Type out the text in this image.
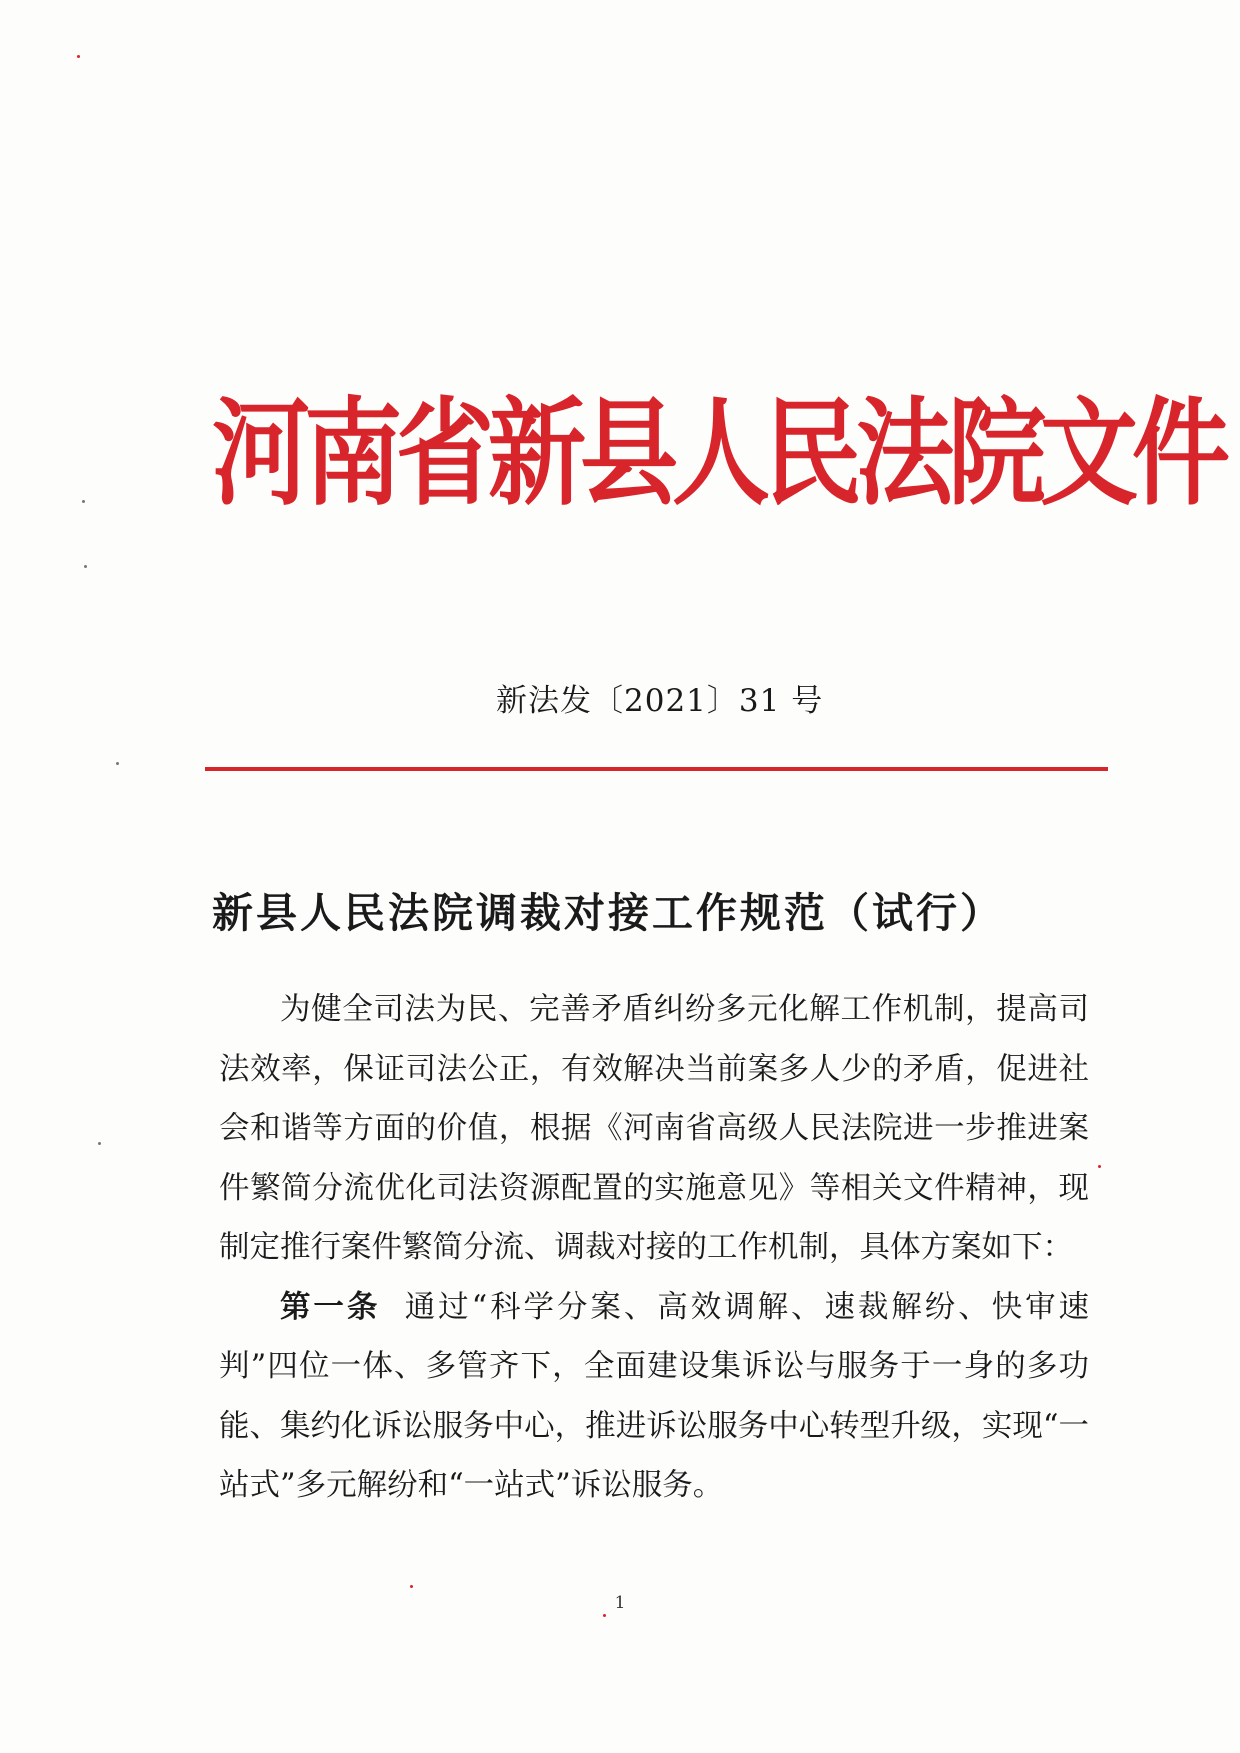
河南省新县人民法院文件
新法发〔2021〕31 号
新县人民法院调裁对接工作规范（试行）

为健全司法为民、完善矛盾纠纷多元化解工作机制，提高司法效率，保证司法公正，有效解决当前案多人少的矛盾，促进社会和谐等方面的价值，根据《河南省高级人民法院进一步推进案件繁简分流优化司法资源配置的实施意见》等相关文件精神，现制定推行案件繁简分流、调裁对接的工作机制，具体方案如下：

第一条 通过“科学分案、高效调解、速裁解纷、快审速判”四位一体、多管齐下，全面建设集诉讼与服务于一身的多功能、集约化诉讼服务中心，推进诉讼服务中心转型升级，实现“一站式”多元解纷和“一站式”诉讼服务。

1
